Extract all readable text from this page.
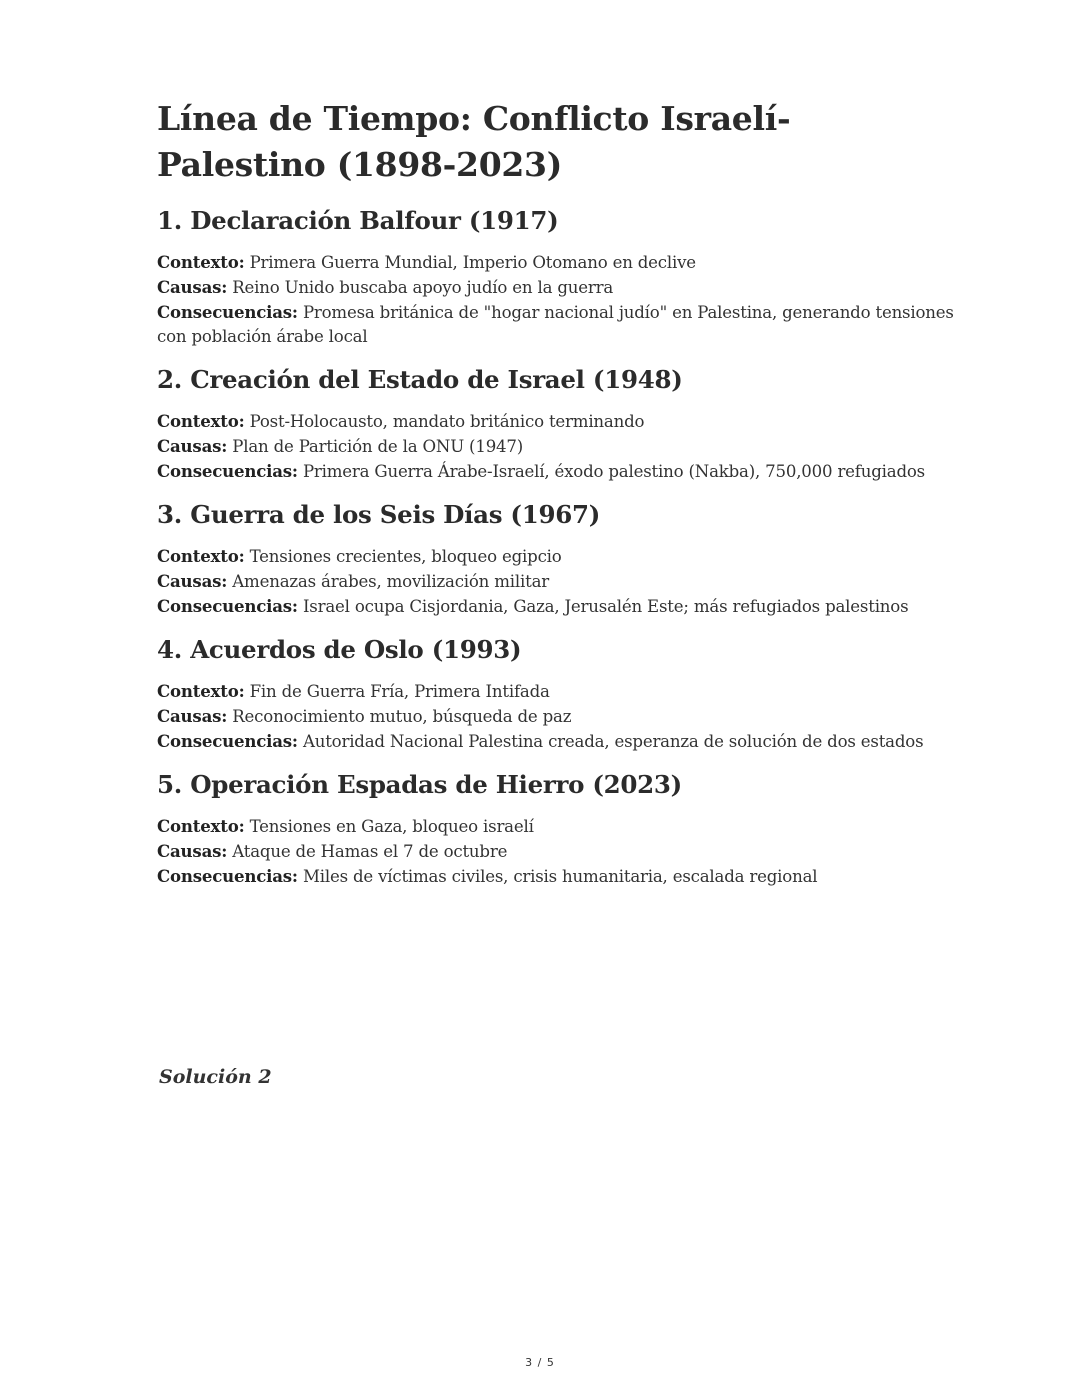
Línea de Tiempo: Conflicto Israelí-Palestino (1898-2023)
1. Declaración Balfour (1917)
Contexto: Primera Guerra Mundial, Imperio Otomano en declive
Causas: Reino Unido buscaba apoyo judío en la guerra
Consecuencias: Promesa británica de "hogar nacional judío" en Palestina, generando tensiones con población árabe local
2. Creación del Estado de Israel (1948)
Contexto: Post-Holocausto, mandato británico terminando
Causas: Plan de Partición de la ONU (1947)
Consecuencias: Primera Guerra Árabe-Israelí, éxodo palestino (Nakba), 750,000 refugiados
3. Guerra de los Seis Días (1967)
Contexto: Tensiones crecientes, bloqueo egipcio
Causas: Amenazas árabes, movilización militar
Consecuencias: Israel ocupa Cisjordania, Gaza, Jerusalén Este; más refugiados palestinos
4. Acuerdos de Oslo (1993)
Contexto: Fin de Guerra Fría, Primera Intifada
Causas: Reconocimiento mutuo, búsqueda de paz
Consecuencias: Autoridad Nacional Palestina creada, esperanza de solución de dos estados
5. Operación Espadas de Hierro (2023)
Contexto: Tensiones en Gaza, bloqueo israelí
Causas: Ataque de Hamas el 7 de octubre
Consecuencias: Miles de víctimas civiles, crisis humanitaria, escalada regional
Solución 2
3 / 5
